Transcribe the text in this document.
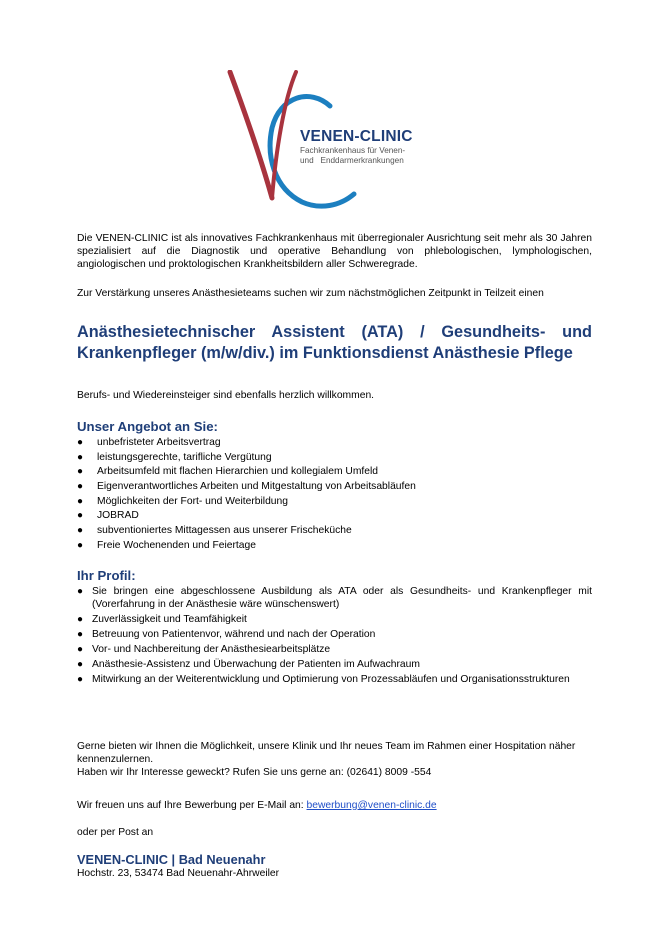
VENEN-CLINIC
Fachkrankenhaus für Venen-
und   Enddarmerkrankungen

Die VENEN-CLINIC ist als innovatives Fachkrankenhaus mit überregionaler Ausrichtung seit mehr als 30 Jahren spezialisiert auf die Diagnostik und operative Behandlung von phlebologischen, lymphologischen, angiologischen und proktologischen Krankheitsbildern aller Schweregrade.

Zur Verstärkung unseres Anästhesieteams suchen wir zum nächstmöglichen Zeitpunkt in Teilzeit einen

Anästhesietechnischer Assistent (ATA) / Gesundheits- und Krankenpfleger (m/w/div.) im Funktionsdienst Anästhesie Pflege

Berufs- und Wiedereinsteiger sind ebenfalls herzlich willkommen.

Unser Angebot an Sie:
● unbefristeter Arbeitsvertrag
● leistungsgerechte, tarifliche Vergütung
● Arbeitsumfeld mit flachen Hierarchien und kollegialem Umfeld
● Eigenverantwortliches Arbeiten und Mitgestaltung von Arbeitsabläufen
● Möglichkeiten der Fort- und Weiterbildung
● JOBRAD
● subventioniertes Mittagessen aus unserer Frischeküche
● Freie Wochenenden und Feiertage
Ihr Profil:
● Sie bringen eine abgeschlossene Ausbildung als ATA oder als Gesundheits- und Krankenpfleger mit (Vorerfahrung in der Anästhesie wäre wünschenswert)
● Zuverlässigkeit und Teamfähigkeit
● Betreuung von Patientenvor, während und nach der Operation
● Vor- und Nachbereitung der Anästhesiearbeitsplätze
● Anästhesie-Assistenz und Überwachung der Patienten im Aufwachraum
● Mitwirkung an der Weiterentwicklung und Optimierung von Prozessabläufen und Organisationsstrukturen

Gerne bieten wir Ihnen die Möglichkeit, unsere Klinik und Ihr neues Team im Rahmen einer Hospitation näher kennenzulernen.

Haben wir Ihr Interesse geweckt? Rufen Sie uns gerne an: (02641) 8009 -554

Wir freuen uns auf Ihre Bewerbung per E-Mail an: bewerbung@venen-clinic.de

oder per Post an

VENEN-CLINIC | Bad Neuenahr

Hochstr. 23, 53474 Bad Neuenahr-Ahrweiler
